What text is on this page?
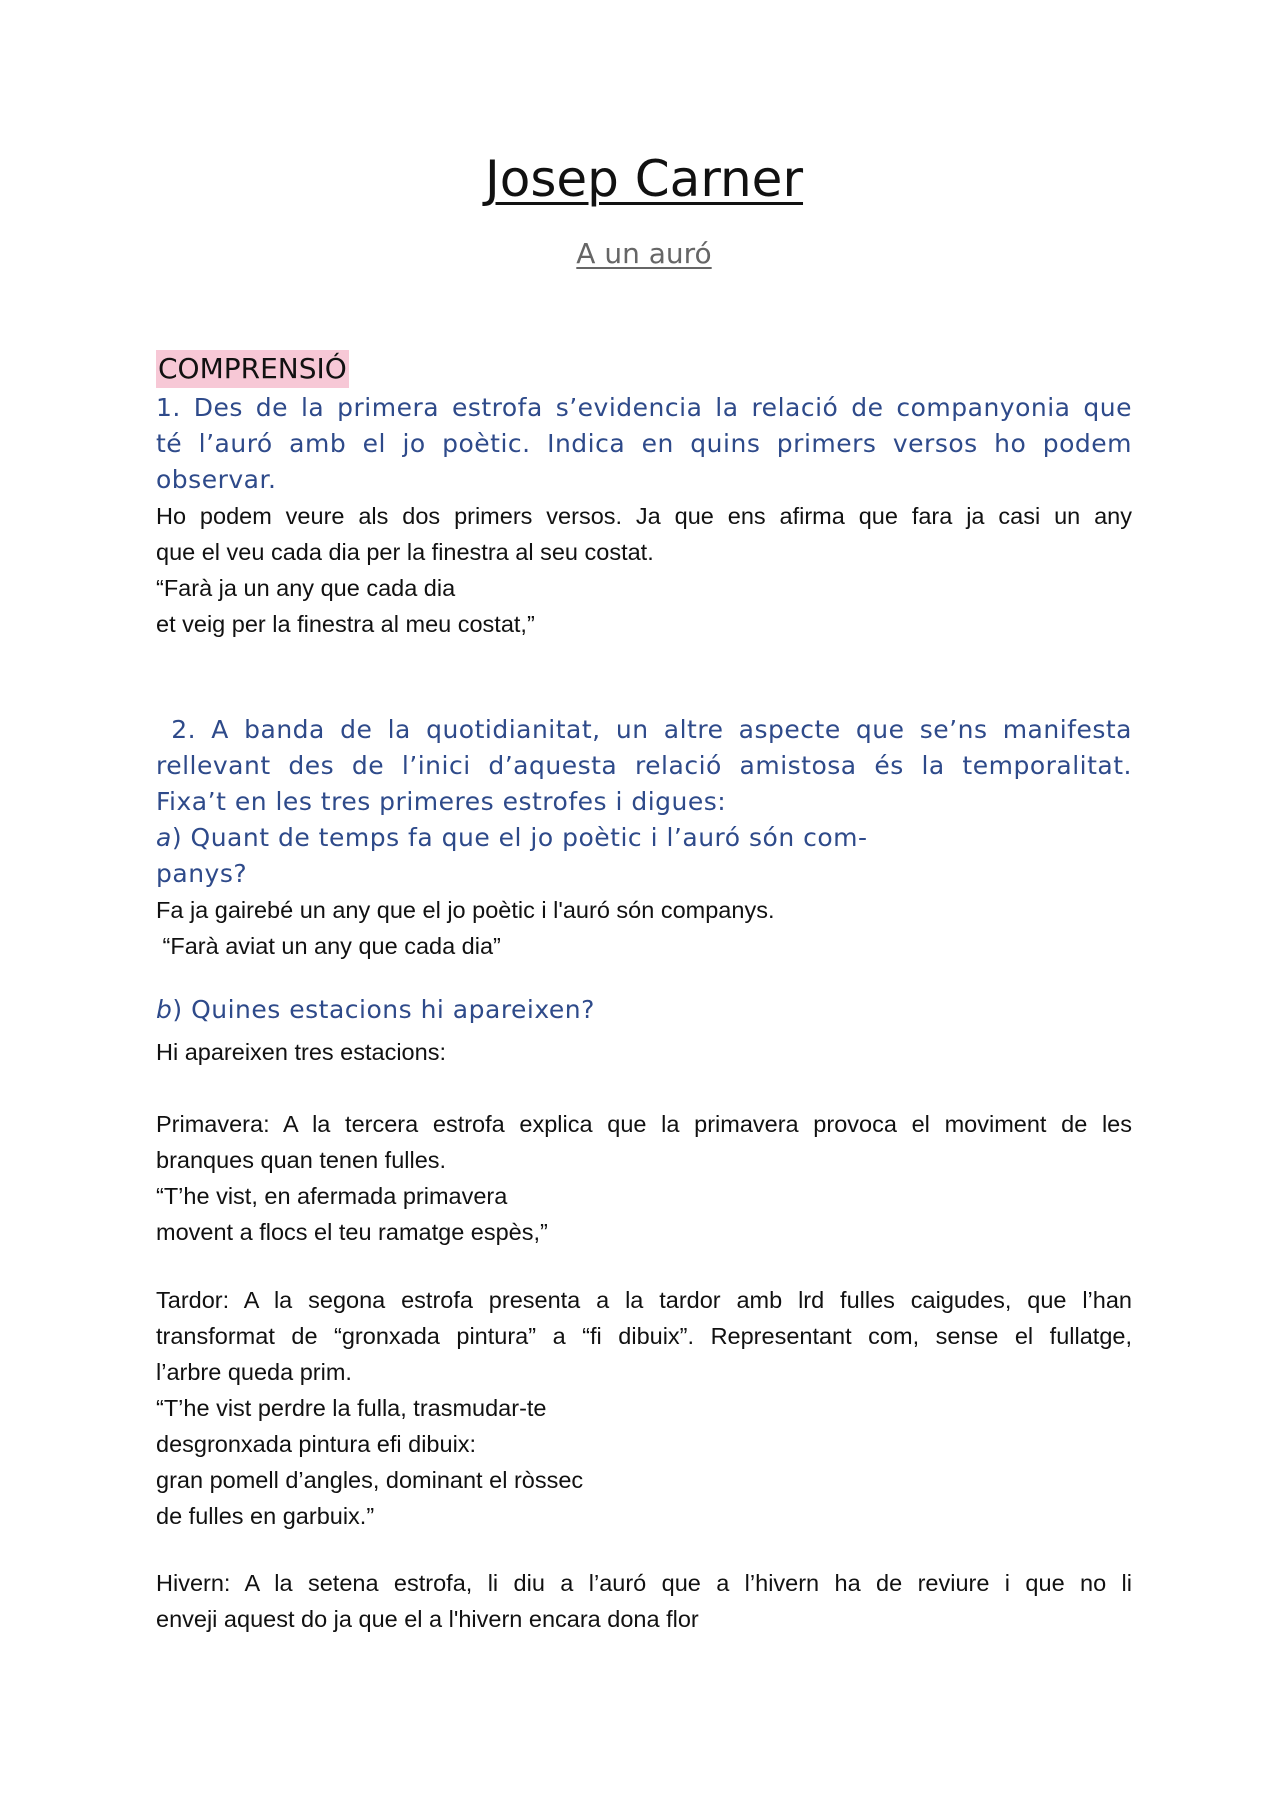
Josep Carner
A un auró
COMPRENSIÓ
1. Des de la primera estrofa s’evidencia la relació de companyonia que
té l’auró amb el jo poètic. Indica en quins primers versos ho podem
observar.
Ho podem veure als dos primers versos. Ja que ens afirma que fara ja casi un any
que el veu cada dia per la finestra al seu costat.
“Farà ja un any que cada dia
et veig per la finestra al meu costat,”
2. A banda de la quotidianitat, un altre aspecte que se’ns manifesta
rellevant des de l’inici d’aquesta relació amistosa és la temporalitat.
Fixa’t en les tres primeres estrofes i digues:
a) Quant de temps fa que el jo poètic i l’auró són com-
panys?
Fa ja gairebé un any que el jo poètic i l'auró són companys.
“Farà aviat un any que cada dia”
b) Quines estacions hi apareixen?
Hi apareixen tres estacions:
Primavera: A la tercera estrofa explica que la primavera provoca el moviment de les
branques quan tenen fulles.
“T’he vist, en afermada primavera
movent a flocs el teu ramatge espès,”
Tardor: A la segona estrofa presenta a la tardor amb lrd fulles caigudes, que l’han
transformat de “gronxada pintura” a “fi dibuix”. Representant com, sense el fullatge,
l’arbre queda prim.
“T’he vist perdre la fulla, trasmudar-te
desgronxada pintura efi dibuix:
gran pomell d’angles, dominant el ròssec
de fulles en garbuix.”
Hivern: A la setena estrofa, li diu a l’auró que a l’hivern ha de reviure i que no li
enveji aquest do ja que el a l'hivern encara dona flor
